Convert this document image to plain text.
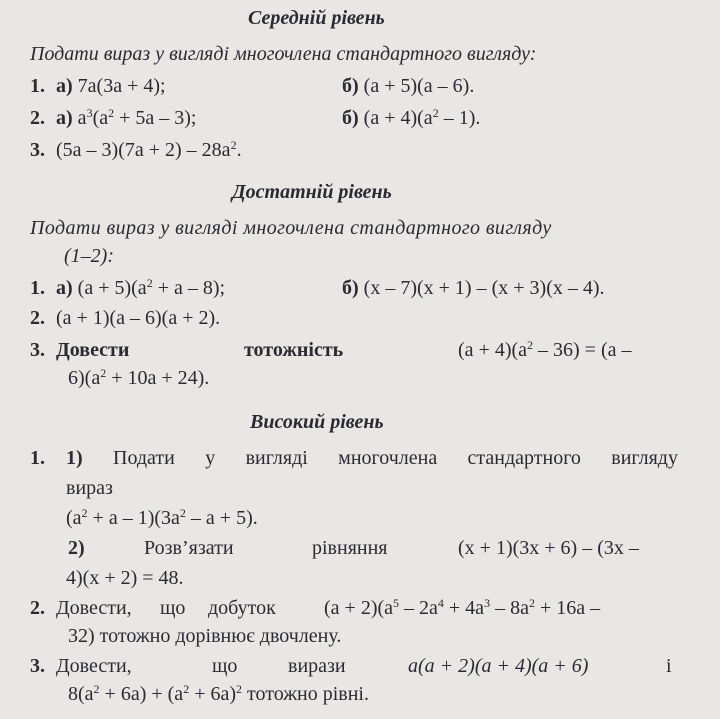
Середній рівень
Подати вираз у вигляді многочлена стандартного вигляду:
1. а) 7a(3a + 4);	б) (a + 5)(a – 6).
2. а) $a^3(a^2 + 5a - 3)$;	б) $(a + 4)(a^2 - 1)$.
3. $(5a - 3)(7a + 2) - 28a^2$.
Достатній рівень
Подати вираз у вигляді многочлена стандартного вигляду
(1–2):
1. а) $(a + 5)(a^2 + a - 8)$;	б) (x – 7)(x + 1) – (x + 3)(x – 4).
2. (a + 1)(a – 6)(a + 2).
3. Довести	тотожність	$(a + 4)(a^2 - 36) = (a$ –
$6)(a^2 + 10a + 24)$.
Високий рівень
1.	1) Подати у вигляді многочлена стандартного вигляду
вираз
$(a^2 + a - 1)(3a^2 - a + 5)$.
2)	Розв’язати	рівняння	(x + 1)(3x + 6) – (3x –
4)(x + 2) = 48.
2. Довести, що добуток $(a + 2)(a^5 - 2a^4 + 4a^3 - 8a^2 + 16a$ –
32) тотожно дорівнює двочлену.
3. Довести,	що	вирази	a(a + 2)(a + 4)(a + 6)	і
$8(a^2 + 6a) + (a^2 + 6a)^2$ тотожно рівні.
